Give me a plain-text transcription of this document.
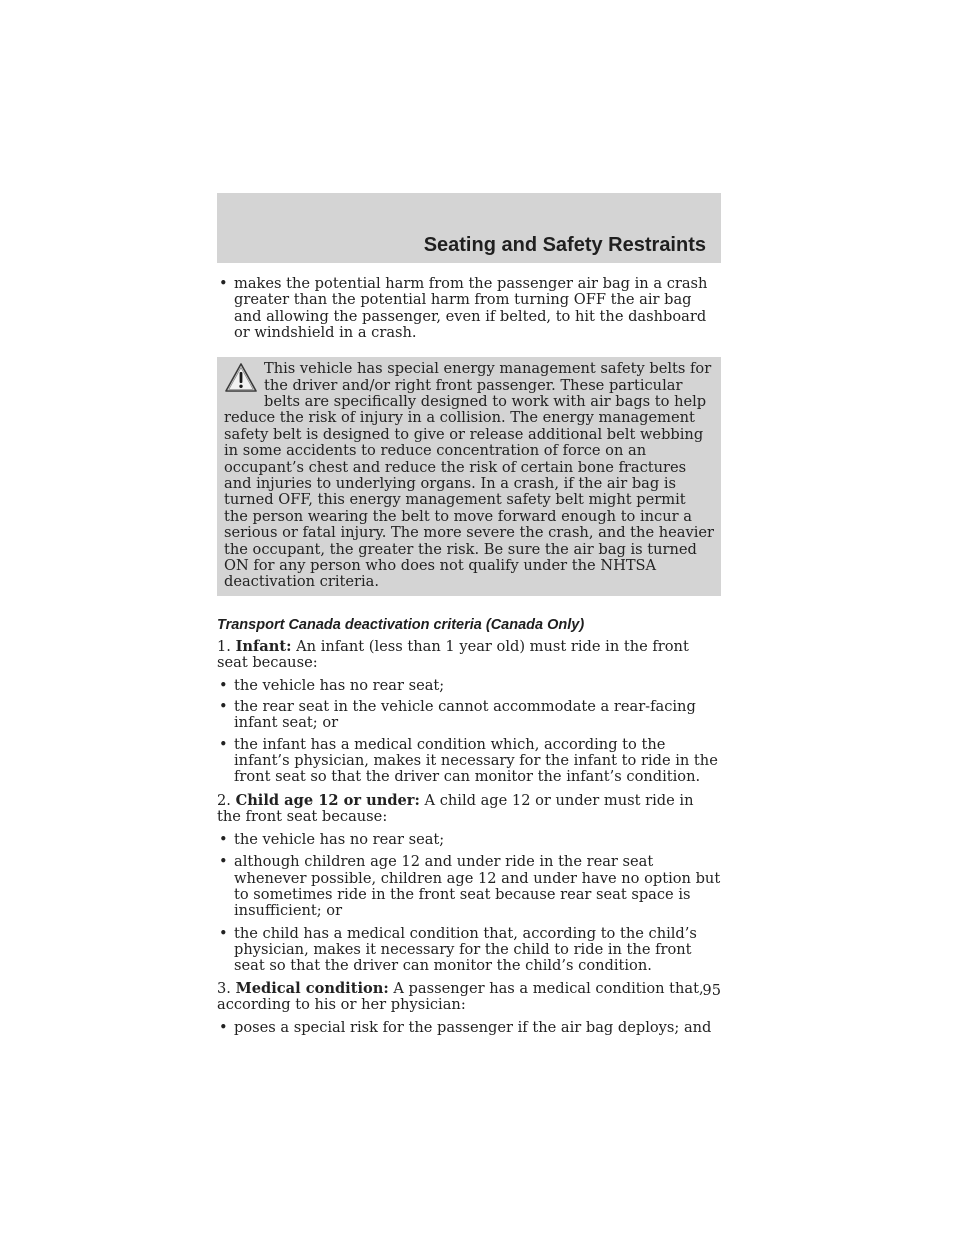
Seating and Safety Restraints

• makes the potential harm from the passenger air bag in a crash greater than the potential harm from turning OFF the air bag and allowing the passenger, even if belted, to hit the dashboard or windshield in a crash.

This vehicle has special energy management safety belts for the driver and/or right front passenger. These particular belts are specifically designed to work with air bags to help reduce the risk of injury in a collision. The energy management safety belt is designed to give or release additional belt webbing in some accidents to reduce concentration of force on an occupant’s chest and reduce the risk of certain bone fractures and injuries to underlying organs. In a crash, if the air bag is turned OFF, this energy management safety belt might permit the person wearing the belt to move forward enough to incur a serious or fatal injury. The more severe the crash, and the heavier the occupant, the greater the risk. Be sure the air bag is turned ON for any person who does not qualify under the NHTSA deactivation criteria.
Transport Canada deactivation criteria (Canada Only)

1. Infant: An infant (less than 1 year old) must ride in the front seat because:

• the vehicle has no rear seat;

• the rear seat in the vehicle cannot accommodate a rear-facing infant seat; or

• the infant has a medical condition which, according to the infant’s physician, makes it necessary for the infant to ride in the front seat so that the driver can monitor the infant’s condition.

2. Child age 12 or under: A child age 12 or under must ride in the front seat because:

• the vehicle has no rear seat;

• although children age 12 and under ride in the rear seat whenever possible, children age 12 and under have no option but to sometimes ride in the front seat because rear seat space is insufficient; or

• the child has a medical condition that, according to the child’s physician, makes it necessary for the child to ride in the front seat so that the driver can monitor the child’s condition.

3. Medical condition: A passenger has a medical condition that, according to his or her physician:

• poses a special risk for the passenger if the air bag deploys; and

95
